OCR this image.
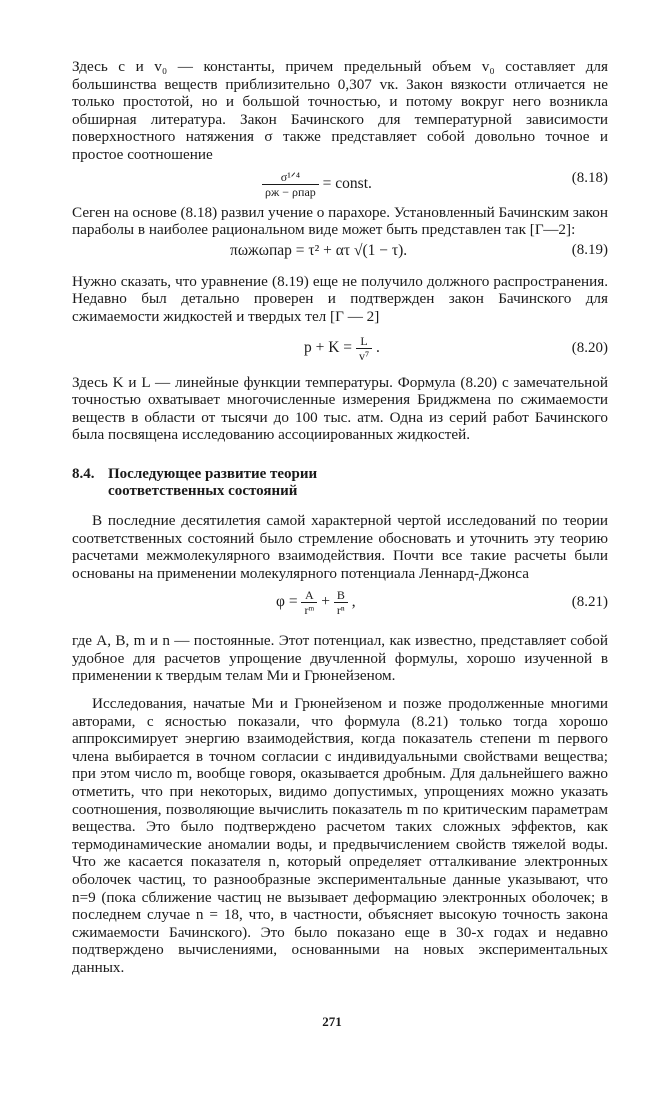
Здесь c и v₀ — константы, причем предельный объем v₀ составляет для большинства веществ приблизительно 0,307 vк. Закон вязкости отличается не только простотой, но и большой точностью, и потому вокруг него возникла обширная литература. Закон Бачинского для температурной зависимости поверхностного натяжения σ также представляет собой довольно точное и простое соотношение

$\frac{\text{σ¹ᐟ⁴}}{\text{ρж − ρпар}}$ = const.	(8.18)

Сеген на основе (8.18) развил учение о парахоре. Установленный Бачинским закон параболы в наиболее рациональном виде может быть представлен так [Г—2]:

πωжωпар = τ² + ατ √(1 − τ).	(8.19)

Нужно сказать, что уравнение (8.19) еще не получило должного распространения. Недавно был детально проверен и подтвержден закон Бачинского для сжимаемости жидкостей и твердых тел [Г — 2]

$p + K = \frac{L}{\text{v⁷}}$ .	(8.20)

Здесь K и L — линейные функции температуры. Формула (8.20) с замечательной точностью охватывает многочисленные измерения Бриджмена по сжимаемости веществ в области от тысячи до 100 тыс. атм. Одна из серий работ Бачинского была посвящена исследованию ассоциированных жидкостей.

8.4. Последующее развитие теории
соответственных состояний

В последние десятилетия самой характерной чертой исследований по теории соответственных состояний было стремление обосновать и уточнить эту теорию расчетами межмолекулярного взаимодействия. Почти все такие расчеты были основаны на применении молекулярного потенциала Леннард-Джонса

$\varphi = \frac{A}{\text{rᵐ}} + \frac{B}{\text{rⁿ}}$ ,	(8.21)

где A, B, m и n — постоянные. Этот потенциал, как известно, представляет собой удобное для расчетов упрощение двучленной формулы, хорошо изученной в применении к твердым телам Ми и Грюнейзеном.

Исследования, начатые Ми и Грюнейзеном и позже продолженные многими авторами, с ясностью показали, что формула (8.21) только тогда хорошо аппроксимирует энергию взаимодействия, когда показатель степени m первого члена выбирается в точном согласии с индивидуальными свойствами вещества; при этом число m, вообще говоря, оказывается дробным. Для дальнейшего важно отметить, что при некоторых, видимо допустимых, упрощениях можно указать соотношения, позволяющие вычислить показатель m по критическим параметрам вещества. Это было подтверждено расчетом таких сложных эффектов, как термодинамические аномалии воды, и предвычислением свойств тяжелой воды. Что же касается показателя n, который определяет отталкивание электронных оболочек частиц, то разнообразные экспериментальные данные указывают, что n=9 (пока сближение частиц не вызывает деформацию электронных оболочек; в последнем случае n = 18, что, в частности, объясняет высокую точность закона сжимаемости Бачинского). Это было показано еще в 30-х годах и недавно подтверждено вычислениями, основанными на новых экспериментальных данных.

271
